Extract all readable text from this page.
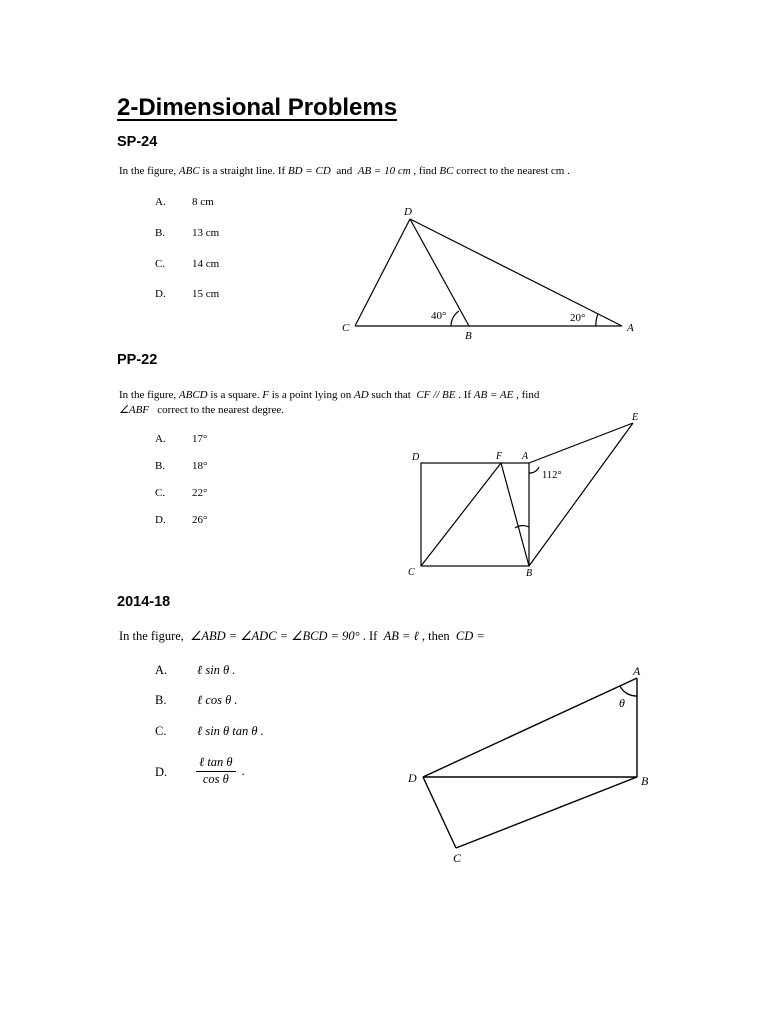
2-Dimensional Problems
SP-24
In the figure, ABC is a straight line. If BD = CD and AB = 10 cm , find BC correct to the nearest cm .
A. 8 cm
B. 13 cm
C. 14 cm
D. 15 cm
D
C
B
A
40°	20°
PP-22
In the figure, ABCD is a square. F is a point lying on AD such that CF // BE . If AB = AE , find
∠ABF correct to the nearest degree.
A. 17°
B. 18°
C. 22°
D. 26°
D	F A
E
C	B
112°
2014-18
In the figure, ∠ABD = ∠ADC = ∠BCD = 90° . If AB = ℓ , then CD =
A. ℓ sin θ .
B. ℓ cos θ .
C. ℓ sin θ tan θ .
D. $\frac{\text{ℓ tan θ}}{\text{cos θ}}$ .
A
D	B
C
θ
